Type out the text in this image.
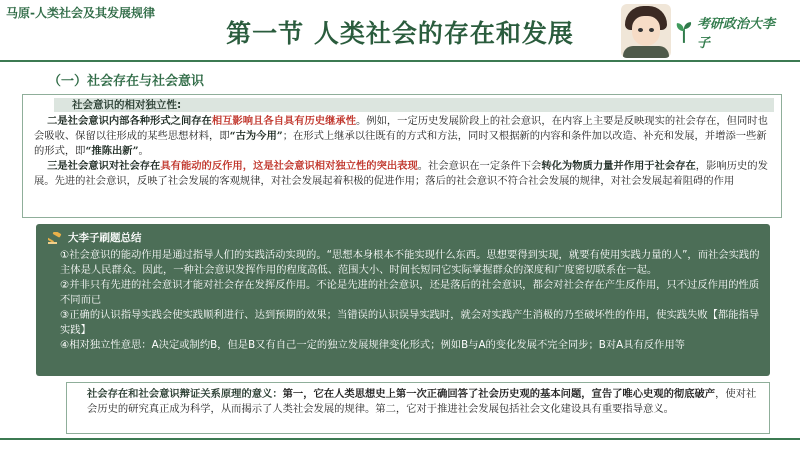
马原-人类社会及其发展规律
第一节 人类社会的存在和发展	考研政治大李子
（一）社会存在与社会意识
社会意识的相对独立性:

二是社会意识内部各种形式之间存在相互影响且各自具有历史继承性。例如，一定历史发展阶段上的社会意识，在内容上主要是反映现实的社会存在，但同时也会吸收、保留以往形成的某些思想材料，即“古为今用”；在形式上继承以往既有的方式和方法，同时又根据新的内容和条件加以改造、补充和发展，并增添一些新的形式，即“推陈出新”。

三是社会意识对社会存在具有能动的反作用，这是社会意识相对独立性的突出表现。社会意识在一定条件下会转化为物质力量并作用于社会存在，影响历史的发展。先进的社会意识，反映了社会发展的客观规律，对社会发展起着积极的促进作用；落后的社会意识不符合社会发展的规律，对社会发展起着阻碍的作用

大李子刷题总结

①社会意识的能动作用是通过指导人们的实践活动实现的。“思想本身根本不能实现什么东西。思想要得到实现，就要有使用实践力量的人”，而社会实践的主体是人民群众。因此，一种社会意识发挥作用的程度高低、范围大小、时间长短同它实际掌握群众的深度和广度密切联系在一起。

②并非只有先进的社会意识才能对社会存在发挥反作用。不论是先进的社会意识，还是落后的社会意识，都会对社会存在产生反作用，只不过反作用的性质不同而已

③正确的认识指导实践会使实践顺利进行、达到预期的效果；当错误的认识误导实践时，就会对实践产生消极的乃至破坏性的作用，使实践失败【都能指导实践】

④相对独立性意思：A决定或制约B，但是B又有自己一定的独立发展规律变化形式；例如B与A的变化发展不完全同步；B对A具有反作用等

社会存在和社会意识辩证关系原理的意义：第一，它在人类思想史上第一次正确回答了社会历史观的基本问题，宣告了唯心史观的彻底破产，使对社会历史的研究真正成为科学，从而揭示了人类社会发展的规律。第二，它对于推进社会发展包括社会文化建设具有重要指导意义。
